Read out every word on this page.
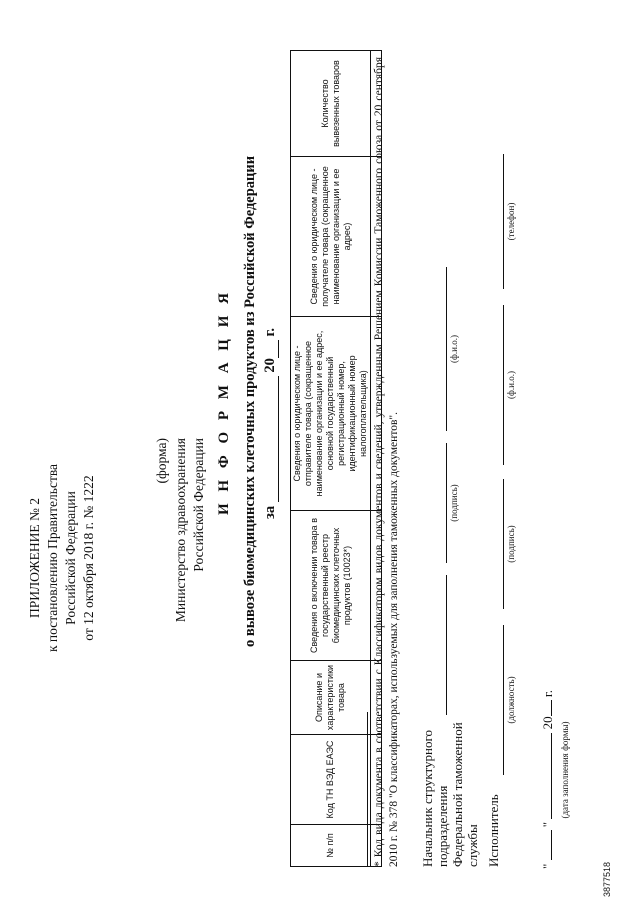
ПРИЛОЖЕНИЕ № 2 к постановлению Правительства Российской Федерации от 12 октября 2018 г. № 1222
(форма) Министерство здравоохранения Российской Федерации И Н Ф О Р М А Ц И Я о вывозе биомедицинских клеточных продуктов из Российской Федерации за  20 г.
№ п/п	Код ТН ВЭД ЕАЭС	Описание и характеристики товара	Сведения о включении товара в государственный реестр биомедицинских клеточных продуктов (10023*)	Сведения о юридическом лице - отправителе товара (сокращенное наименование организации и ее адрес, основной государственный регистрационный номер, идентификационный номер налогоплательщика)	Сведения о юридическом лице - получателе товара (сокращенное наименование организации и ее адрес)	Количество вывезенных товаров
							* Код вида документа в соответствии с Классификатором видов документов и сведений, утвержденным Решением Комиссии Таможенного союза от 20 сентября 2010 г. № 378 "О классификаторах, используемых для заполнения таможенных документов". Начальник структурного подразделения Федеральной таможенной службы
(подпись)
(ф.и.о.)
Исполнитель
(должность)
(подпись)
(ф.и.о.)
(телефон)
"  "  20 г.
(дата заполнения формы)
3877518
